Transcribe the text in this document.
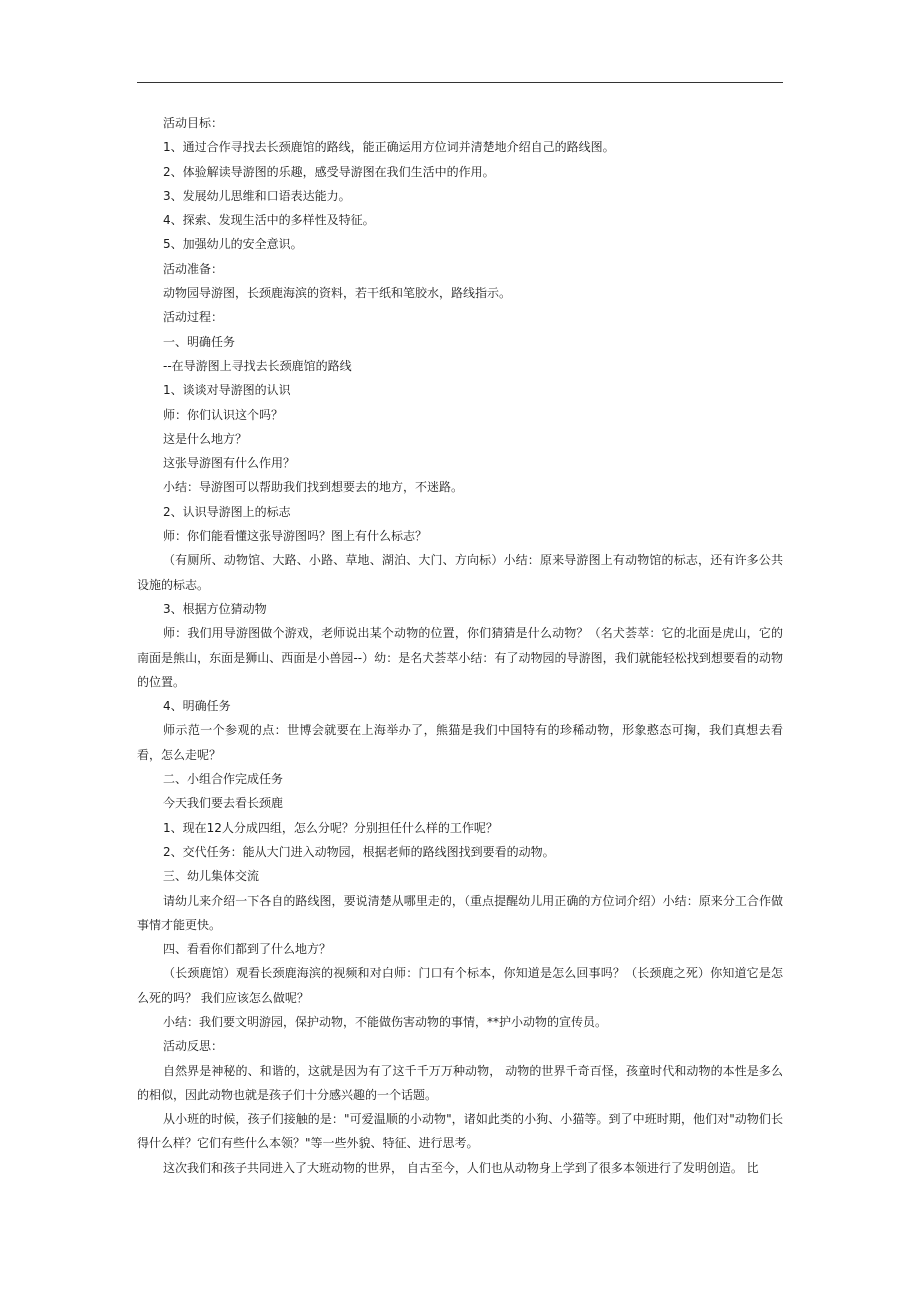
活动目标：
1、通过合作寻找去长颈鹿馆的路线，能正确运用方位词并清楚地介绍自己的路线图。
2、体验解读导游图的乐趣，感受导游图在我们生活中的作用。
3、发展幼儿思维和口语表达能力。
4、探索、发现生活中的多样性及特征。
5、加强幼儿的安全意识。
活动准备：
动物园导游图，长颈鹿海滨的资料，若干纸和笔胶水，路线指示。
活动过程：
一、明确任务
--在导游图上寻找去长颈鹿馆的路线
1、谈谈对导游图的认识
师：你们认识这个吗？
这是什么地方？
这张导游图有什么作用？
小结：导游图可以帮助我们找到想要去的地方，不迷路。
2、认识导游图上的标志
师：你们能看懂这张导游图吗？图上有什么标志？
（有厕所、动物馆、大路、小路、草地、湖泊、大门、方向标）小结：原来导游图上有动物馆的标志，还有许多公共设施的标志。
3、根据方位猜动物
师：我们用导游图做个游戏，老师说出某个动物的位置，你们猜猜是什么动物？（名犬荟萃：它的北面是虎山，它的南面是熊山，东面是狮山、西面是小兽园--）幼：是名犬荟萃小结：有了动物园的导游图，我们就能轻松找到想要看的动物的位置。
4、明确任务
师示范一个参观的点：世博会就要在上海举办了，熊猫是我们中国特有的珍稀动物，形象憨态可掬，我们真想去看看，怎么走呢？
二、小组合作完成任务
今天我们要去看长颈鹿
1、现在12人分成四组，怎么分呢？分别担任什么样的工作呢？
2、交代任务：能从大门进入动物园，根据老师的路线图找到要看的动物。
三、幼儿集体交流
请幼儿来介绍一下各自的路线图，要说清楚从哪里走的，（重点提醒幼儿用正确的方位词介绍）小结：原来分工合作做事情才能更快。
四、看看你们都到了什么地方？
（长颈鹿馆）观看长颈鹿海滨的视频和对白师：门口有个标本，你知道是怎么回事吗？（长颈鹿之死）你知道它是怎么死的吗？ 我们应该怎么做呢？
小结：我们要文明游园，保护动物，不能做伤害动物的事情，**护小动物的宣传员。
活动反思：
自然界是神秘的、和谐的，这就是因为有了这千千万万种动物， 动物的世界千奇百怪，孩童时代和动物的本性是多么的相似，因此动物也就是孩子们十分感兴趣的一个话题。
从小班的时候，孩子们接触的是："可爱温顺的小动物"，诸如此类的小狗、小猫等。到了中班时期，他们对"动物们长得什么样？它们有些什么本领？"等一些外貌、特征、进行思考。
这次我们和孩子共同进入了大班动物的世界， 自古至今，人们也从动物身上学到了很多本领进行了发明创造。 比
